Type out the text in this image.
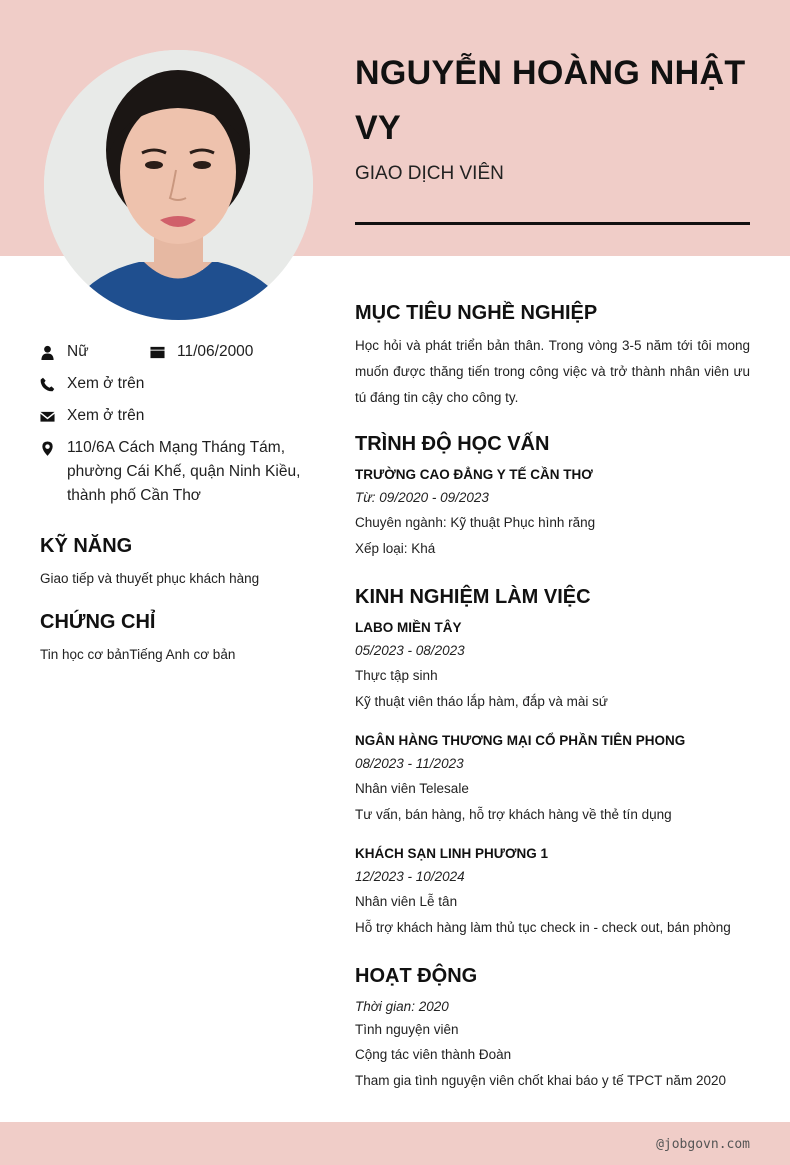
NGUYỄN HOÀNG NHẬT VY
GIAO DỊCH VIÊN
Nữ	11/06/2000
Xem ở trên
Xem ở trên
110/6A Cách Mạng Tháng Tám, phường Cái Khế, quận Ninh Kiều, thành phố Cần Thơ
KỸ NĂNG
Giao tiếp và thuyết phục khách hàng
CHỨNG CHỈ
Tin học cơ bảnTiếng Anh cơ bản
MỤC TIÊU NGHỀ NGHIỆP
Học hỏi và phát triển bản thân. Trong vòng 3-5 năm tới tôi mong muốn được thăng tiến trong công việc và trở thành nhân viên ưu tú đáng tin cậy cho công ty.
TRÌNH ĐỘ HỌC VẤN
TRƯỜNG CAO ĐẲNG Y TẾ CẦN THƠ
Từ: 09/2020 - 09/2023
Chuyên ngành: Kỹ thuật Phục hình răng
Xếp loại: Khá
KINH NGHIỆM LÀM VIỆC
LABO MIỀN TÂY
05/2023 - 08/2023
Thực tập sinh
Kỹ thuật viên tháo lắp hàm, đắp và mài sứ
NGÂN HÀNG THƯƠNG MẠI CỔ PHẦN TIÊN PHONG
08/2023 - 11/2023
Nhân viên Telesale
Tư vấn, bán hàng, hỗ trợ khách hàng về thẻ tín dụng
KHÁCH SẠN LINH PHƯƠNG 1
12/2023 - 10/2024
Nhân viên Lễ tân
Hỗ trợ khách hàng làm thủ tục check in - check out, bán phòng
HOẠT ĐỘNG
Thời gian: 2020
Tình nguyện viên
Cộng tác viên thành Đoàn
Tham gia tình nguyện viên chốt khai báo y tế TPCT năm 2020
@jobgovn.com
